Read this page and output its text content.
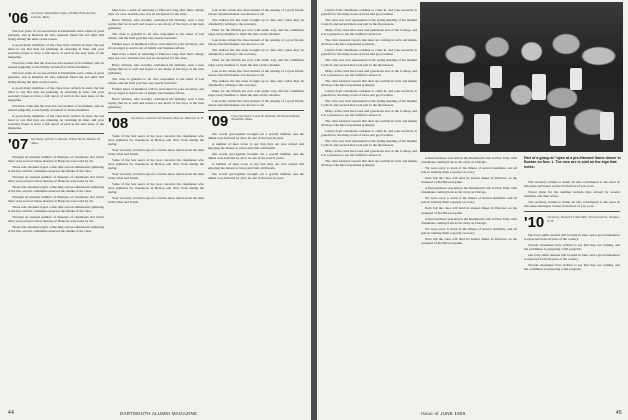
'06 Secretary: Read Allen Egan, 28 Hale Park Avenue, Lincoln, Mass.

The four years of our association at Dartmouth were a time of great pleasure, and at Reunion all who returned found the old spirit still living among the elms on the Green.

A good many members of the class have written in since the last letter to say that they are planning on returning in June, and your secretary hopes to have a full report of each in the next issue of the magazine.

Word has come that the class has lost another of its number, and we extend sympathy to the family on behalf of all the members.

The four years of our association at Dartmouth were a time of great pleasure, and at Reunion all who returned found the old spirit still living among the elms on the Green.

A good many members of the class have written in since the last letter to say that they are planning on returning in June, and your secretary hopes to have a full report of each in the next issue of the magazine.

Word has come that the class has lost another of its number, and we extend sympathy to the family on behalf of all the members.

A good many members of the class have written in since the last letter to say that they are planning on returning in June, and your secretary hopes to have a full report of each in the next issue of the magazine.

'07 Secretary: Arthur G. Brooks, 9 West Street, Boston 16, Mass.

Through an unusual number of illnesses of classmates and wives there were several whose absence at Hanover was noted by all.

Those who attended report a fine time and an enthusiastic gathering at the Inn, and the committee deserves the thanks of the class.

Through an unusual number of illnesses of classmates and wives there were several whose absence at Hanover was noted by all.

Those who attended report a fine time and an enthusiastic gathering at the Inn, and the committee deserves the thanks of the class.

Through an unusual number of illnesses of classmates and wives there were several whose absence at Hanover was noted by all.

Those who attended report a fine time and an enthusiastic gathering at the Inn, and the committee deserves the thanks of the class.

Through an unusual number of illnesses of classmates and wives there were several whose absence at Hanover was noted by all.

Those who attended report a fine time and an enthusiastic gathering at the Inn, and the committee deserves the thanks of the class.

Men have a habit of returning to Hanover long after their college days are over, and this year was no exception for the class.

Harry Warren, who recently celebrated his birthday, sent a note saying that he is well and hopes to see many of the boys at the next gathering.

The class is grateful to all who responded to the letter of last winter, and the fund goal has very nearly been met.

Further news of members will be welcomed by your secretary, and all are urged to send word of family and business affairs.

Men have a habit of returning to Hanover long after their college days are over, and this year was no exception for the class.

Harry Warren, who recently celebrated his birthday, sent a note saying that he is well and hopes to see many of the boys at the next gathering.

The class is grateful to all who responded to the letter of last winter, and the fund goal has very nearly been met.

Further news of members will be welcomed by your secretary, and all are urged to send word of family and business affairs.

Harry Warren, who recently celebrated his birthday, sent a note saying that he is well and hopes to see many of the boys at the next gathering.

'08 Secretary: Laurence M. Symmes, Box 42, Hanover, N. H.

Some of the best news of the year concerns the classmates who have gathered for luncheons in Boston and New York during the spring.

Your secretary would be glad to receive more letters from the men in the West and South.

Some of the best news of the year concerns the classmates who have gathered for luncheons in Boston and New York during the spring.

Your secretary would be glad to receive more letters from the men in the West and South.

Some of the best news of the year concerns the classmates who have gathered for luncheons in Boston and New York during the spring.

Your secretary would be glad to receive more letters from the men in the West and South.

Late in the winter the class learned of the passing of a good friend, whose cheerful manner was known to all.

The address list has been brought up to date and copies may be obtained by writing to the secretary.

Plans for the fiftieth are now well under way, and the committee urges every member to mark the date on his calendar.

Late in the winter the class learned of the passing of a good friend, whose cheerful manner was known to all.

The address list has been brought up to date and copies may be obtained by writing to the secretary.

Plans for the fiftieth are now well under way, and the committee urges every member to mark the date on his calendar.

Late in the winter the class learned of the passing of a good friend, whose cheerful manner was known to all.

The address list has been brought up to date and copies may be obtained by writing to the secretary.

Plans for the fiftieth are now well under way, and the committee urges every member to mark the date on his calendar.

Late in the winter the class learned of the passing of a good friend, whose cheerful manner was known to all.

'09 Class Secretary: Louis W. Kimball, 16 Kenneth Road, Brookline, Mass.

Our recent get-together brought out a goodly number, and the dinner was declared by all to be one of the best in years.

A number of men wrote to say that they are now retired and enjoying the leisure to travel and visit old friends.

Our recent get-together brought out a goodly number, and the dinner was declared by all to be one of the best in years.

A number of men wrote to say that they are now retired and enjoying the leisure to travel and visit old friends.

Our recent get-together brought out a goodly number, and the dinner was declared by all to be one of the best in years.

44	DARTMOUTH ALUMNI MAGAZINE

Letters from classmates continue to come in, and your secretary is grateful for the many notes of news and good wishes.

The class was well represented at the spring meeting of the Alumni Council, and several men took part in the discussions.

Many of the class have sons and grandsons now at the College, and it is a pleasure to see the tradition carried on.

The class treasurer reports that dues are coming in well, and thanks all those who have responded promptly.

Letters from classmates continue to come in, and your secretary is grateful for the many notes of news and good wishes.

The class was well represented at the spring meeting of the Alumni Council, and several men took part in the discussions.

Many of the class have sons and grandsons now at the College, and it is a pleasure to see the tradition carried on.

The class treasurer reports that dues are coming in well, and thanks all those who have responded promptly.

Letters from classmates continue to come in, and your secretary is grateful for the many notes of news and good wishes.

The class was well represented at the spring meeting of the Alumni Council, and several men took part in the discussions.

Many of the class have sons and grandsons now at the College, and it is a pleasure to see the tradition carried on.

The class treasurer reports that dues are coming in well, and thanks all those who have responded promptly.

Letters from classmates continue to come in, and your secretary is grateful for the many notes of news and good wishes.

The class was well represented at the spring meeting of the Alumni Council, and several men took part in the discussions.

Many of the class have sons and grandsons now at the College, and it is a pleasure to see the tradition carried on.

The class treasurer reports that dues are coming in well, and thanks all those who have responded promptly.

A fine luncheon was held at the Dartmouth Club in New York, with classmates coming from as far away as Chicago.

We were sorry to learn of the illness of several members, and all join in wishing them a speedy recovery.

Next fall the class will hold its annual dinner in Hanover on the weekend of the Harvard game.

A fine luncheon was held at the Dartmouth Club in New York, with classmates coming from as far away as Chicago.

We were sorry to learn of the illness of several members, and all join in wishing them a speedy recovery.

Next fall the class will hold its annual dinner in Hanover on the weekend of the Harvard game.

A fine luncheon was held at the Dartmouth Club in New York, with classmates coming from as far away as Chicago.

We were sorry to learn of the illness of several members, and all join in wishing them a speedy recovery.

Next fall the class will hold its annual dinner in Hanover on the weekend of the Harvard game.

Part of a group at "open at a pre-Harvard Game dinner in Boston on Nov. 1. The men are is sold on the sign that notes:

The secretary wishes to thank all who contributed to the news in this issue and hopes to hear from more of you soon.

Travel plans for the summer include trips abroad by several members and their wives.

The secretary wishes to thank all who contributed to the news in this issue and hopes to hear from more of you soon.

'10 Secretary: Russell D. Meredith, 26 Concord St., Nashua, N. H.

Our forty-ninth reunion will be held in June, and a good attendance is expected from all parts of the country.

Several classmates have written to say that they are coming, and the committee is preparing a full program.

Our forty-ninth reunion will be held in June, and a good attendance is expected from all parts of the country.

Several classmates have written to say that they are coming, and the committee is preparing a full program.

Issue of JUNE 1959	45
